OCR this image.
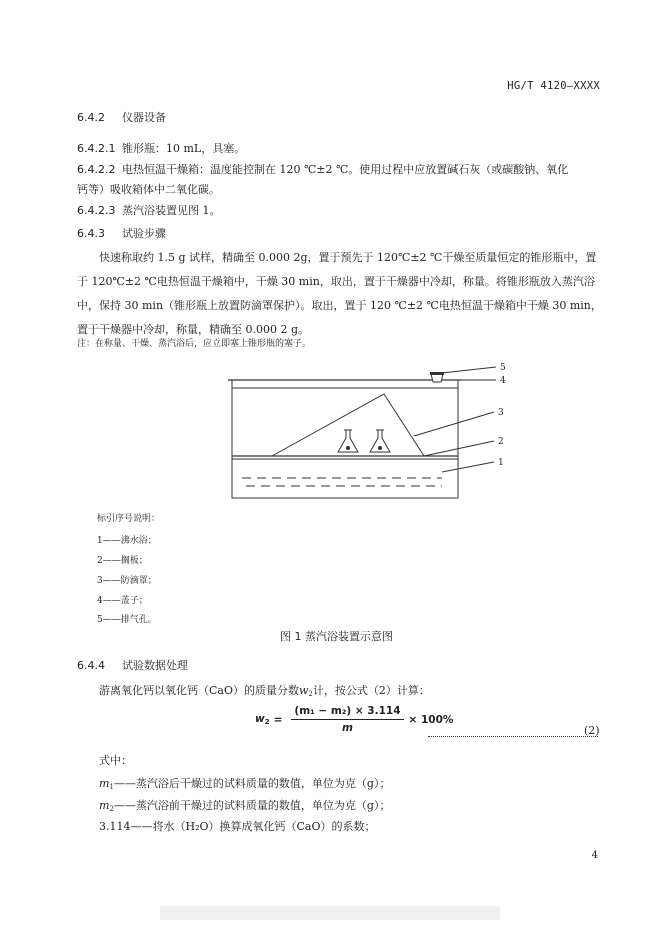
HG/T 4120—XXXX
6.4.2 仪器设备
6.4.2.1 锥形瓶：10 mL，具塞。
6.4.2.2 电热恒温干燥箱：温度能控制在 120 ℃±2 ℃。使用过程中应放置碱石灰（或碳酸钠、氧化
钙等）吸收箱体中二氧化碳。
6.4.2.3 蒸汽浴装置见图 1。
6.4.3 试验步骤
快速称取约 1.5 g 试样，精确至 0.000 2g，置于预先于 120℃±2 ℃干燥至质量恒定的锥形瓶中，置于 120℃±2 ℃电热恒温干燥箱中，干燥 30 min，取出，置于干燥器中冷却，称量。将锥形瓶放入蒸汽浴中，保持 30 min（锥形瓶上放置防滴罩保护）。取出，置于 120 ℃±2 ℃电热恒温干燥箱中干燥 30 min，置于干燥器中冷却，称量，精确至 0.000 2 g。
注：在称量、干燥、蒸汽浴后，应立即塞上锥形瓶的塞子。
5
4
3
2
1
标引序号说明：
1——沸水浴；
2——搁板；
3——防滴罩；
4——盖子；
5——排气孔。
图 1 蒸汽浴装置示意图
6.4.4 试验数据处理
游离氧化钙以氧化钙（CaO）的质量分数$w_2$计，按公式（2）计算：
$w_2 = \frac{\text{(m₁ − m₂) × 3.114}}{m} \times 100\%$
(2)
式中：
$m_1——$蒸汽浴后干燥过的试料质量的数值，单位为克（g）；
$m_2——$蒸汽浴前干燥过的试料质量的数值，单位为克（g）；
3.114——将水（H₂O）换算成氧化钙（CaO）的系数；
4
